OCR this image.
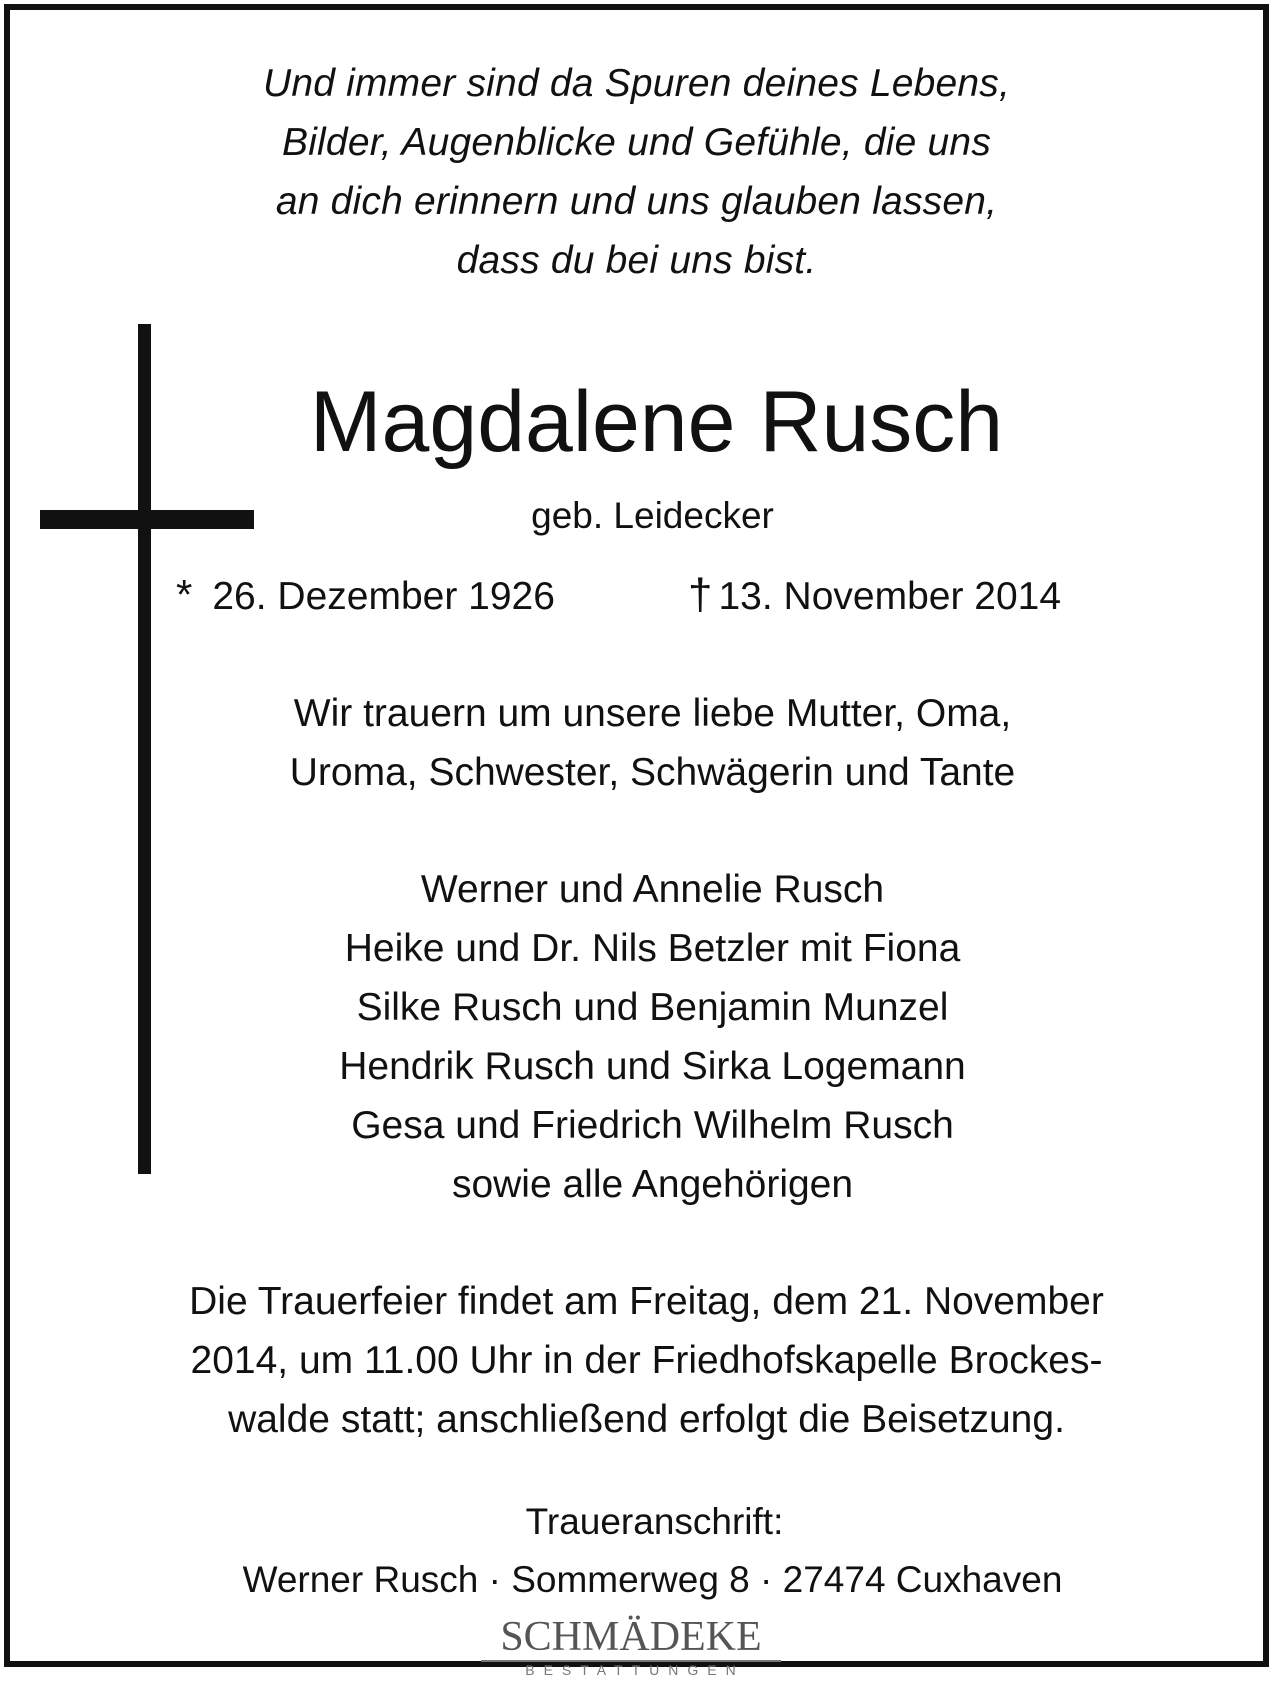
Und immer sind da Spuren deines Lebens,
Bilder, Augenblicke und Gefühle, die uns
an dich erinnern und uns glauben lassen,
dass du bei uns bist.
Magdalene Rusch
geb. Leidecker
* 26. Dezember 1926	† 13. November 2014
Wir trauern um unsere liebe Mutter, Oma,
Uroma, Schwester, Schwägerin und Tante
Werner und Annelie Rusch
Heike und Dr. Nils Betzler mit Fiona
Silke Rusch und Benjamin Munzel
Hendrik Rusch und Sirka Logemann
Gesa und Friedrich Wilhelm Rusch
sowie alle Angehörigen
Die Trauerfeier findet am Freitag, dem 21. November
2014, um 11.00 Uhr in der Friedhofskapelle Brockes-
walde statt; anschließend erfolgt die Beisetzung.
Traueranschrift:
Werner Rusch · Sommerweg 8 · 27474 Cuxhaven
SCHMÄDEKE
BESTATTUNGEN
